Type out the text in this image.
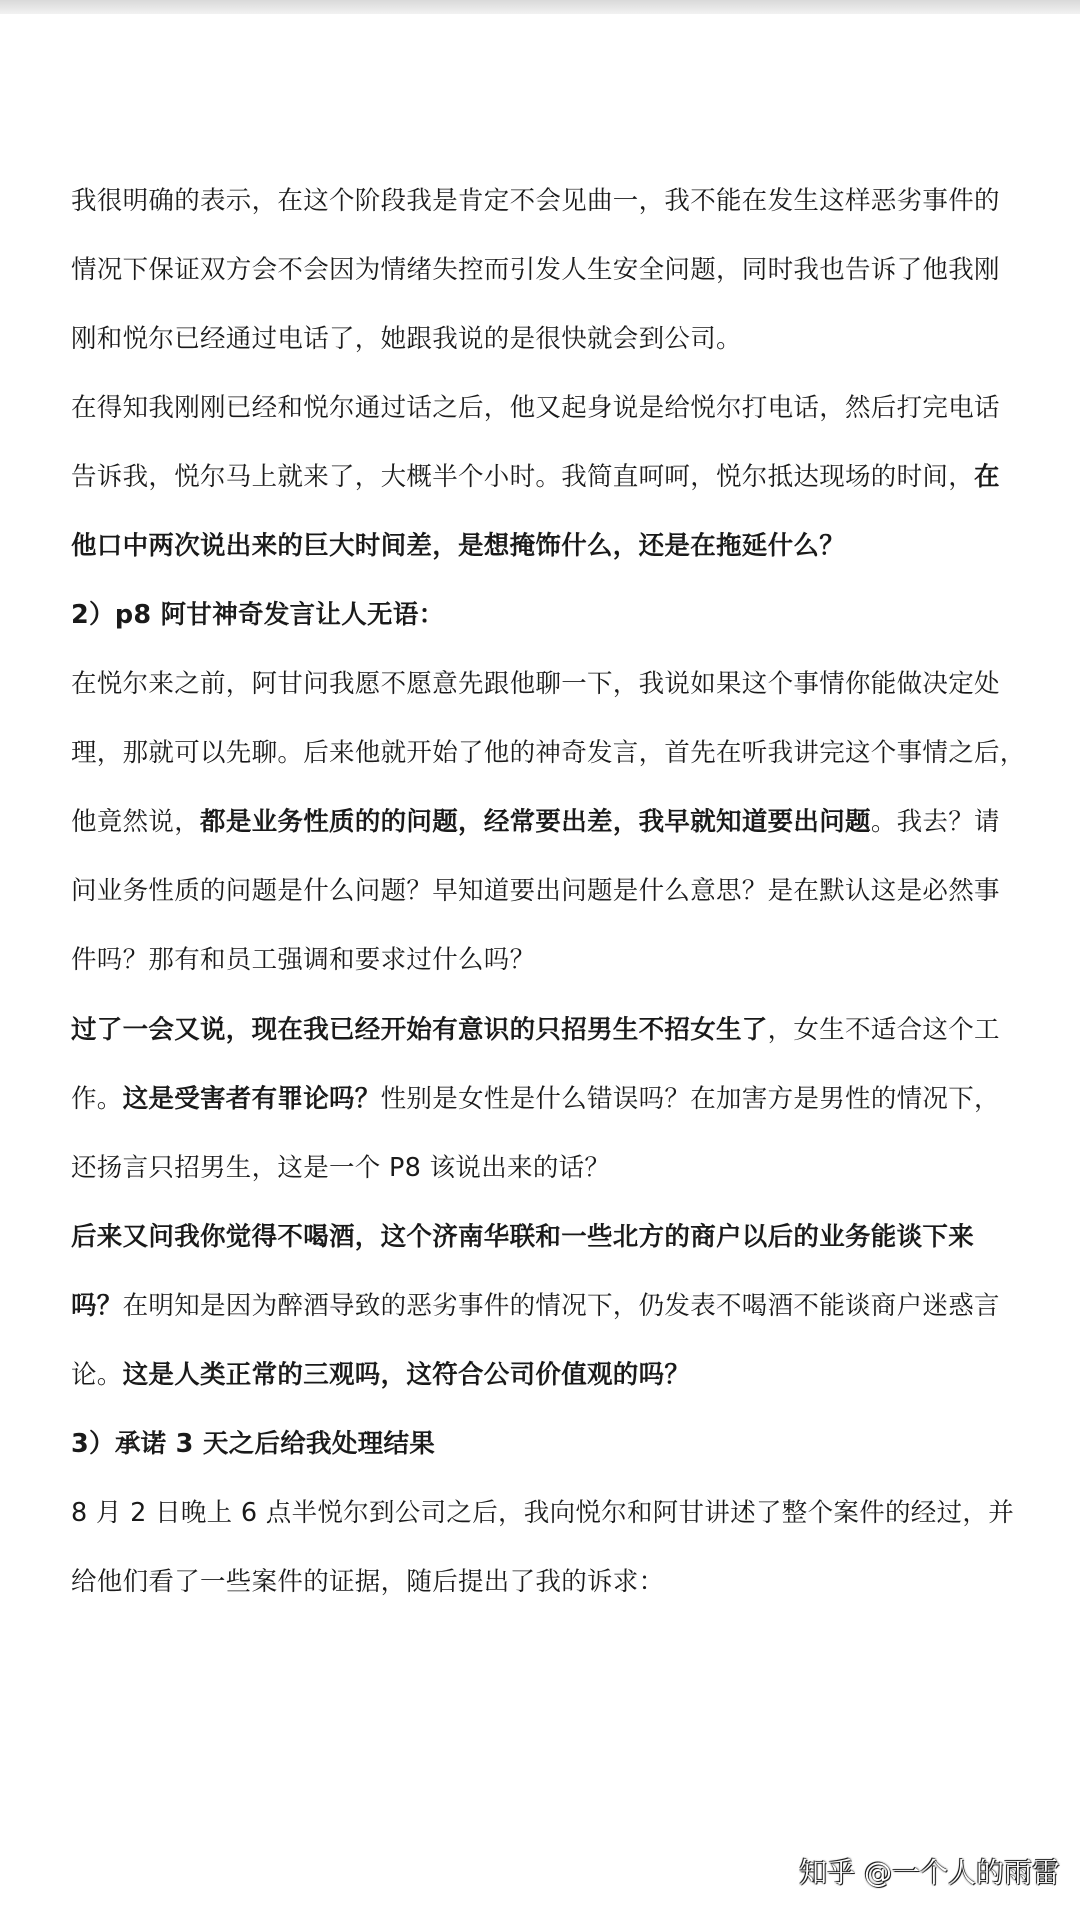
我很明确的表示，在这个阶段我是肯定不会见曲一，我不能在发生这样恶劣事件的
情况下保证双方会不会因为情绪失控而引发人生安全问题，同时我也告诉了他我刚
刚和悦尔已经通过电话了，她跟我说的是很快就会到公司。
在得知我刚刚已经和悦尔通过话之后，他又起身说是给悦尔打电话，然后打完电话
告诉我，悦尔马上就来了，大概半个小时。我简直呵呵，悦尔抵达现场的时间，在
他口中两次说出来的巨大时间差，是想掩饰什么，还是在拖延什么？
2）p8 阿甘神奇发言让人无语：
在悦尔来之前，阿甘问我愿不愿意先跟他聊一下，我说如果这个事情你能做决定处
理，那就可以先聊。后来他就开始了他的神奇发言，首先在听我讲完这个事情之后，
他竟然说，都是业务性质的的问题，经常要出差，我早就知道要出问题。我去？请
问业务性质的问题是什么问题？早知道要出问题是什么意思？是在默认这是必然事
件吗？那有和员工强调和要求过什么吗？
过了一会又说，现在我已经开始有意识的只招男生不招女生了，女生不适合这个工
作。这是受害者有罪论吗？性别是女性是什么错误吗？在加害方是男性的情况下，
还扬言只招男生，这是一个 P8 该说出来的话？
后来又问我你觉得不喝酒，这个济南华联和一些北方的商户以后的业务能谈下来
吗？在明知是因为醉酒导致的恶劣事件的情况下，仍发表不喝酒不能谈商户迷惑言
论。这是人类正常的三观吗，这符合公司价值观的吗？
3）承诺 3 天之后给我处理结果
8 月 2 日晚上 6 点半悦尔到公司之后，我向悦尔和阿甘讲述了整个案件的经过，并
给他们看了一些案件的证据，随后提出了我的诉求：
知乎 @一个人的雨雷
